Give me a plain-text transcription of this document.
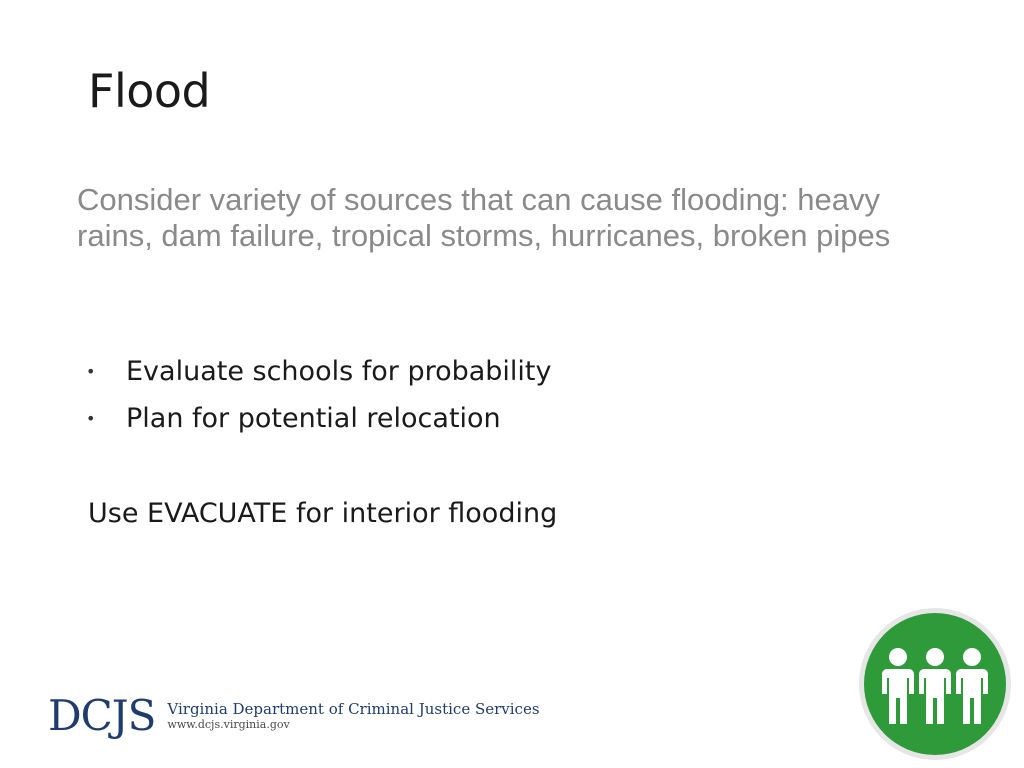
Flood
Consider variety of sources that can cause flooding: heavy rains, dam failure, tropical storms, hurricanes, broken pipes
• Evaluate schools for probability
• Plan for potential relocation
Use EVACUATE for interior flooding
DCJS Virginia Department of Criminal Justice Services
www.dcjs.virginia.gov
